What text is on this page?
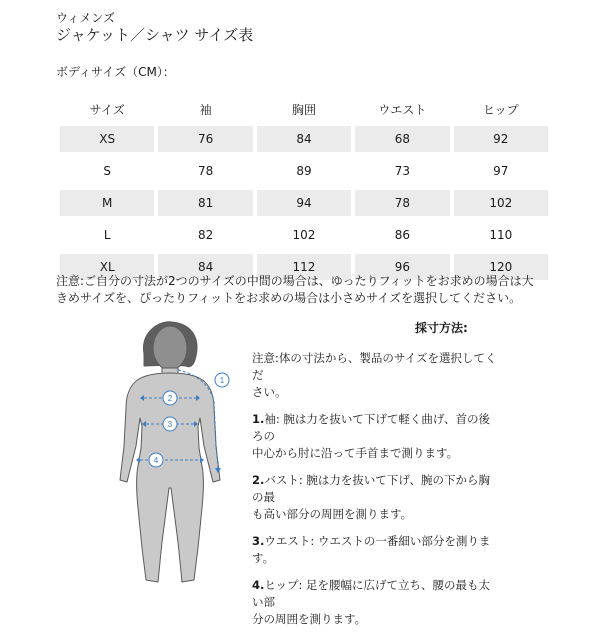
ウィメンズ
ジャケット／シャツ サイズ表
ボディサイズ（CM）：
サイズ	袖	胸囲	ウエスト	ヒップ
XS	76	84	68	92
S	78	89	73	97
M	81	94	78	102
L	82	102	86	110
XL	84	112	96	120
注意:ご自分の寸法が2つのサイズの中間の場合は、ゆったりフィットをお求めの場合は大
きめサイズを、ぴったりフィットをお求めの場合は小さめサイズを選択してください。
採寸方法:
1
2
3
4

注意:体の寸法から、製品のサイズを選択してくだ
さい。

1.袖: 腕は力を抜いて下げて軽く曲げ、首の後ろの
中心から肘に沿って手首まで測ります。

2.バスト: 腕は力を抜いて下げ、腕の下から胸の最
も高い部分の周囲を測ります。

3.ウエスト: ウエストの一番細い部分を測ります。

4.ヒップ: 足を腰幅に広げて立ち、腰の最も太い部
分の周囲を測ります。
